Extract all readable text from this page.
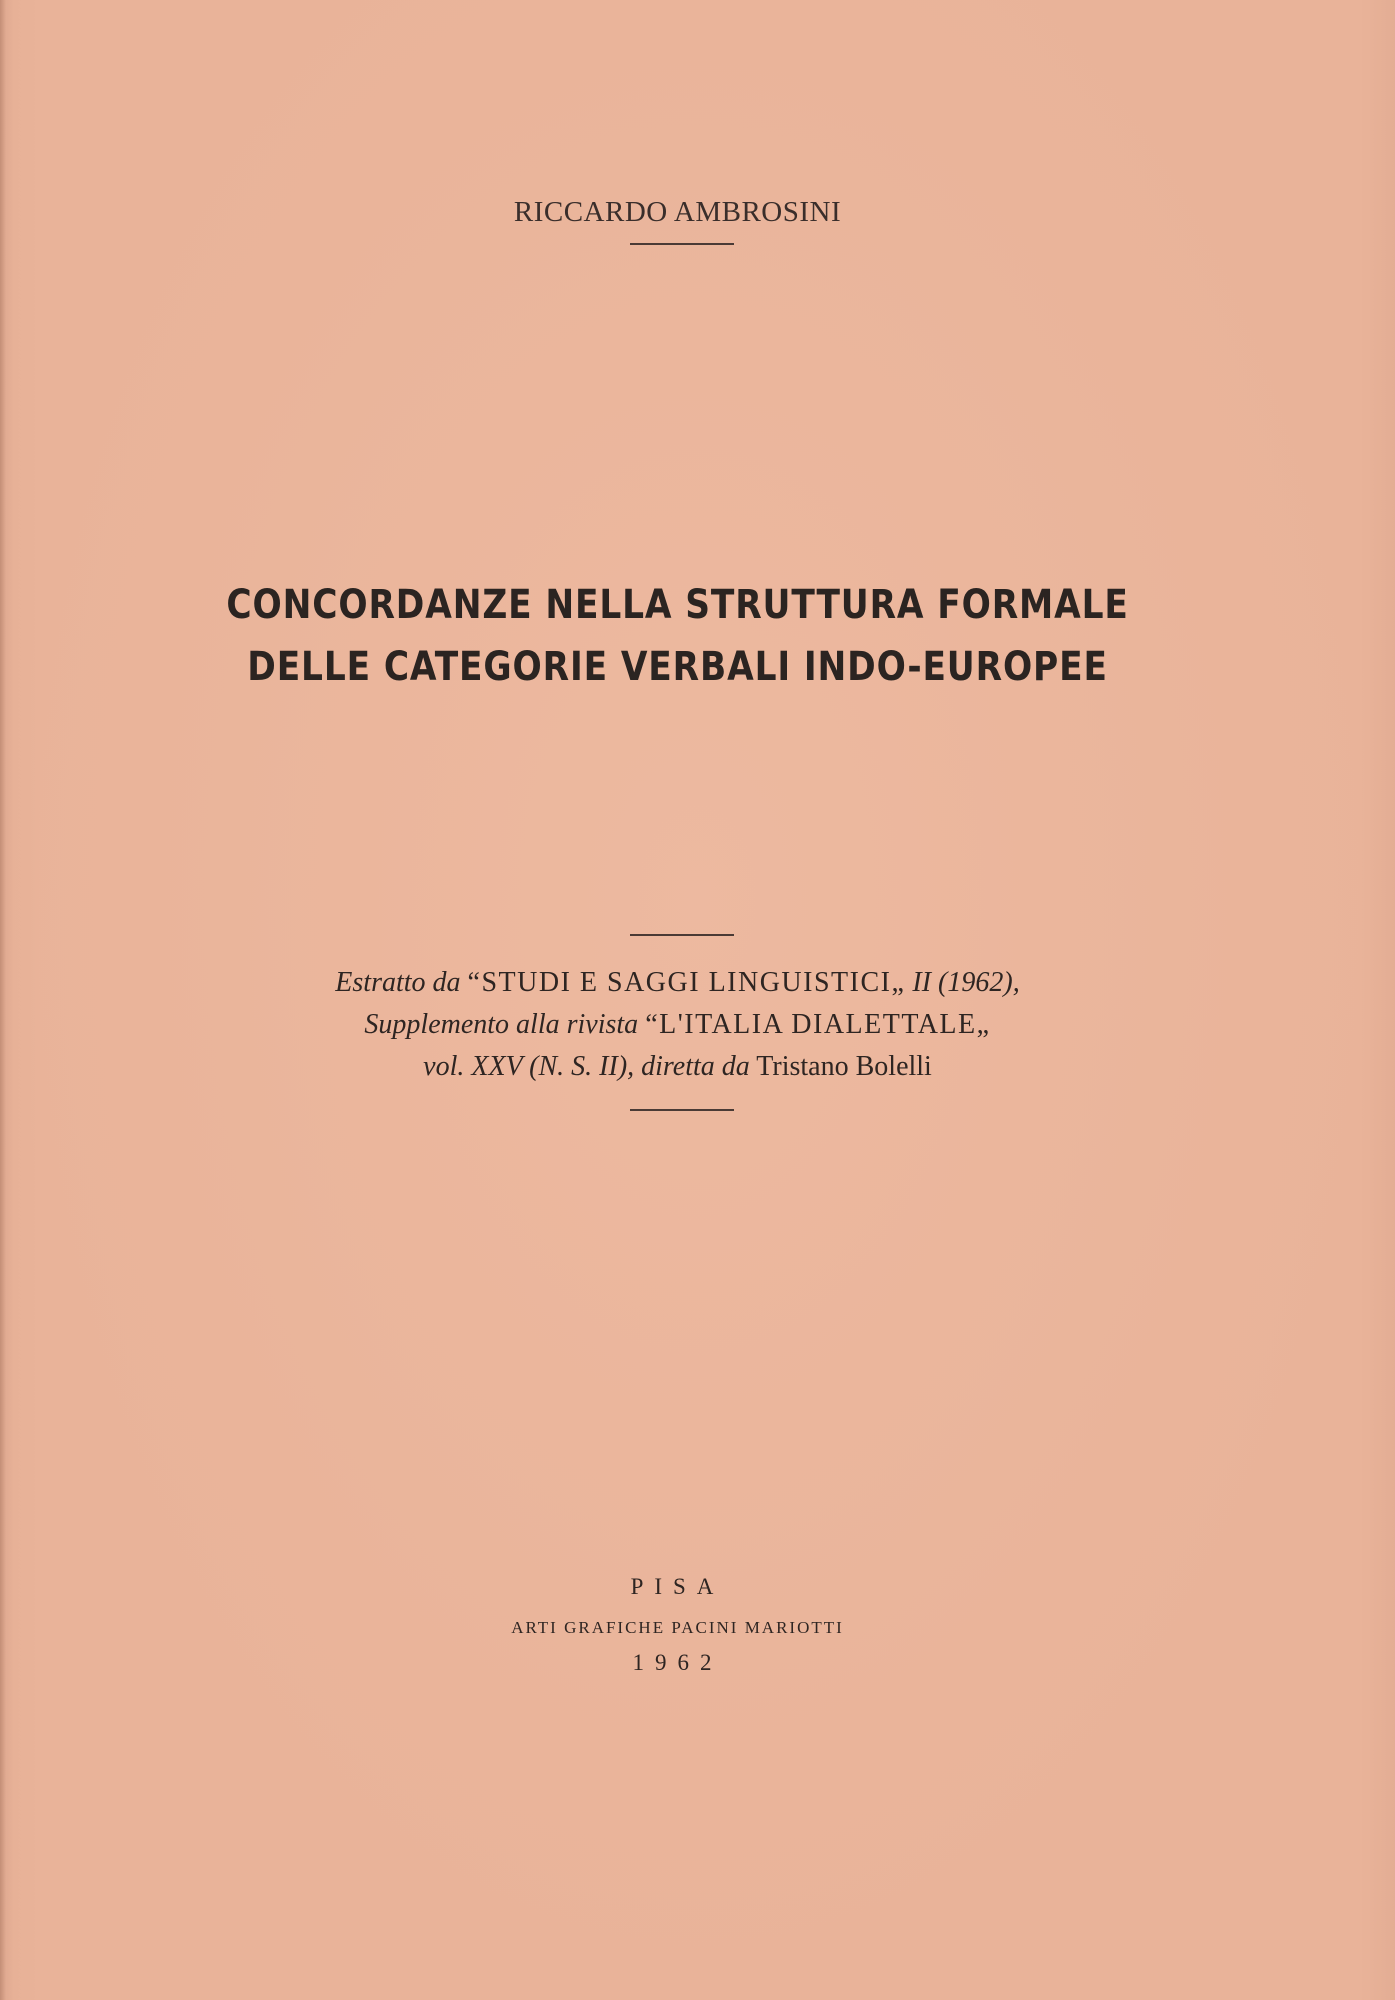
RICCARDO AMBROSINI
CONCORDANZE NELLA STRUTTURA FORMALE
DELLE CATEGORIE VERBALI INDO-EUROPEE
Estratto da “STUDI E SAGGI LINGUISTICI„ II (1962),
Supplemento alla rivista “L'ITALIA DIALETTALE„
vol. XXV (N. S. II), diretta da Tristano Bolelli
PISA
ARTI GRAFICHE PACINI MARIOTTI
1962
